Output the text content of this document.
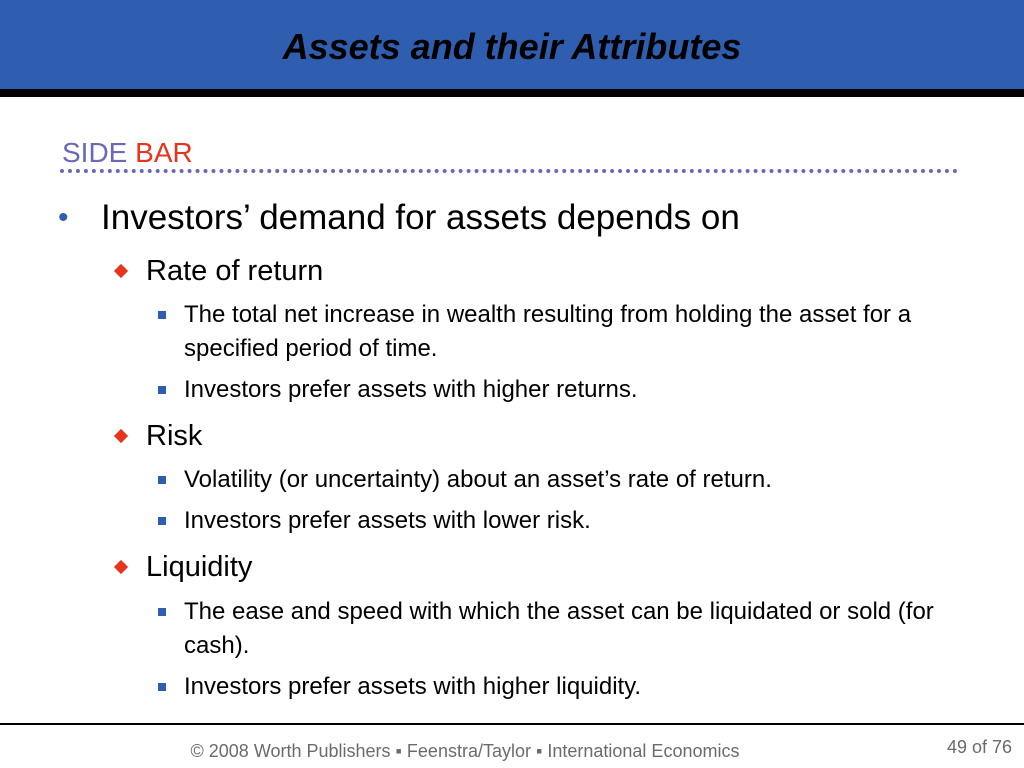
Assets and their Attributes
SIDE BAR
• Investors’ demand for assets depends on
Rate of return
The total net increase in wealth resulting from holding the asset for a specified period of time.
Investors prefer assets with higher returns.
Risk
Volatility (or uncertainty) about an asset’s rate of return.
Investors prefer assets with lower risk.
Liquidity
The ease and speed with which the asset can be liquidated or sold (for cash).
Investors prefer assets with higher liquidity.
© 2008 Worth Publishers ▪ Feenstra/Taylor ▪ International Economics	49 of 76
